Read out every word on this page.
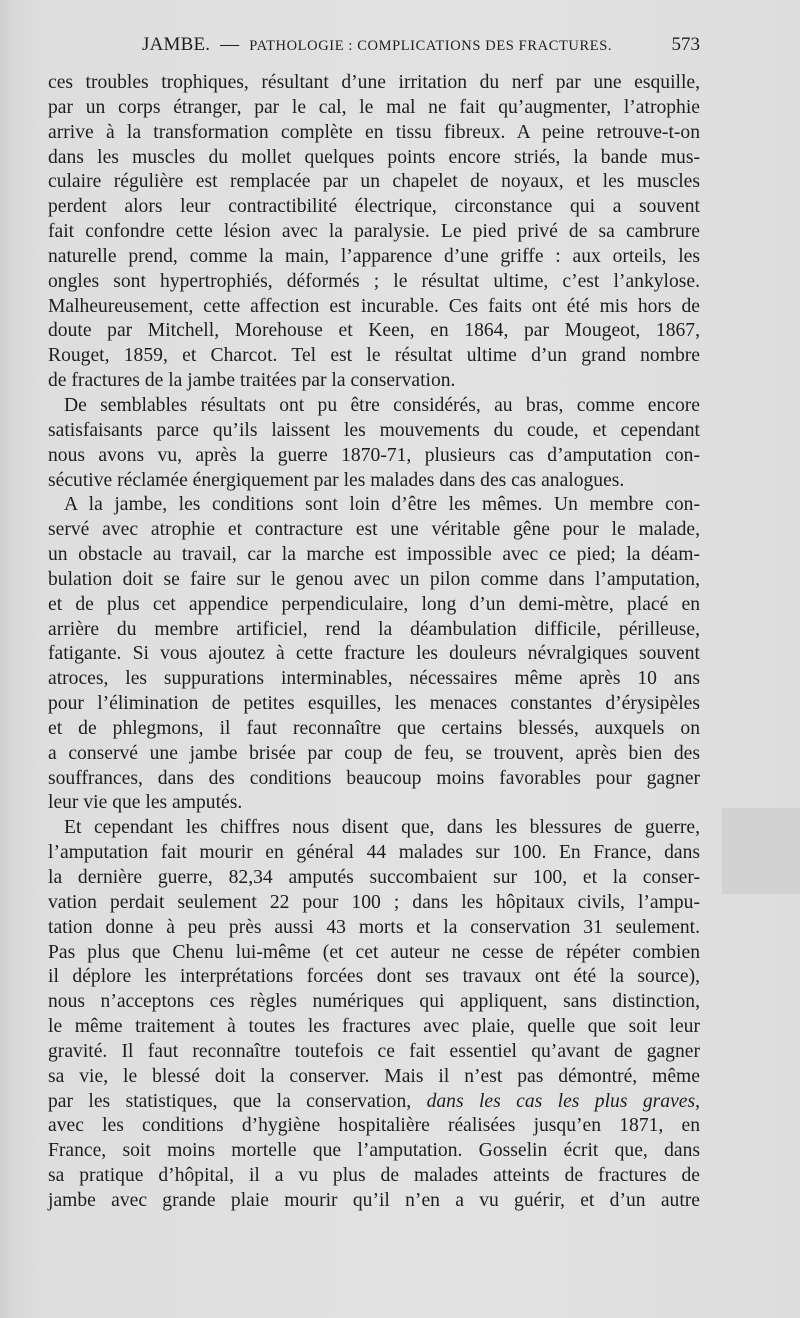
JAMBE. — PATHOLOGIE : COMPLICATIONS DES FRACTURES.	573
ces troubles trophiques, résultant d’une irritation du nerf par une esquille,
par un corps étranger, par le cal, le mal ne fait qu’augmenter, l’atrophie
arrive à la transformation complète en tissu fibreux. A peine retrouve-t-on
dans les muscles du mollet quelques points encore striés, la bande mus-
culaire régulière est remplacée par un chapelet de noyaux, et les muscles
perdent alors leur contractibilité électrique, circonstance qui a souvent
fait confondre cette lésion avec la paralysie. Le pied privé de sa cambrure
naturelle prend, comme la main, l’apparence d’une griffe : aux orteils, les
ongles sont hypertrophiés, déformés ; le résultat ultime, c’est l’ankylose.
Malheureusement, cette affection est incurable. Ces faits ont été mis hors de
doute par Mitchell, Morehouse et Keen, en 1864, par Mougeot, 1867,
Rouget, 1859, et Charcot. Tel est le résultat ultime d’un grand nombre
de fractures de la jambe traitées par la conservation.
De semblables résultats ont pu être considérés, au bras, comme encore
satisfaisants parce qu’ils laissent les mouvements du coude, et cependant
nous avons vu, après la guerre 1870-71, plusieurs cas d’amputation con-
sécutive réclamée énergiquement par les malades dans des cas analogues.
A la jambe, les conditions sont loin d’être les mêmes. Un membre con-
servé avec atrophie et contracture est une véritable gêne pour le malade,
un obstacle au travail, car la marche est impossible avec ce pied; la déam-
bulation doit se faire sur le genou avec un pilon comme dans l’amputation,
et de plus cet appendice perpendiculaire, long d’un demi-mètre, placé en
arrière du membre artificiel, rend la déambulation difficile, périlleuse,
fatigante. Si vous ajoutez à cette fracture les douleurs névralgiques souvent
atroces, les suppurations interminables, nécessaires même après 10 ans
pour l’élimination de petites esquilles, les menaces constantes d’érysipèles
et de phlegmons, il faut reconnaître que certains blessés, auxquels on
a conservé une jambe brisée par coup de feu, se trouvent, après bien des
souffrances, dans des conditions beaucoup moins favorables pour gagner
leur vie que les amputés.
Et cependant les chiffres nous disent que, dans les blessures de guerre,
l’amputation fait mourir en général 44 malades sur 100. En France, dans
la dernière guerre, 82,34 amputés succombaient sur 100, et la conser-
vation perdait seulement 22 pour 100 ; dans les hôpitaux civils, l’ampu-
tation donne à peu près aussi 43 morts et la conservation 31 seulement.
Pas plus que Chenu lui-même (et cet auteur ne cesse de répéter combien
il déplore les interprétations forcées dont ses travaux ont été la source),
nous n’acceptons ces règles numériques qui appliquent, sans distinction,
le même traitement à toutes les fractures avec plaie, quelle que soit leur
gravité. Il faut reconnaître toutefois ce fait essentiel qu’avant de gagner
sa vie, le blessé doit la conserver. Mais il n’est pas démontré, même
par les statistiques, que la conservation, dans les cas les plus graves,
avec les conditions d’hygiène hospitalière réalisées jusqu’en 1871, en
France, soit moins mortelle que l’amputation. Gosselin écrit que, dans
sa pratique d’hôpital, il a vu plus de malades atteints de fractures de
jambe avec grande plaie mourir qu’il n’en a vu guérir, et d’un autre
